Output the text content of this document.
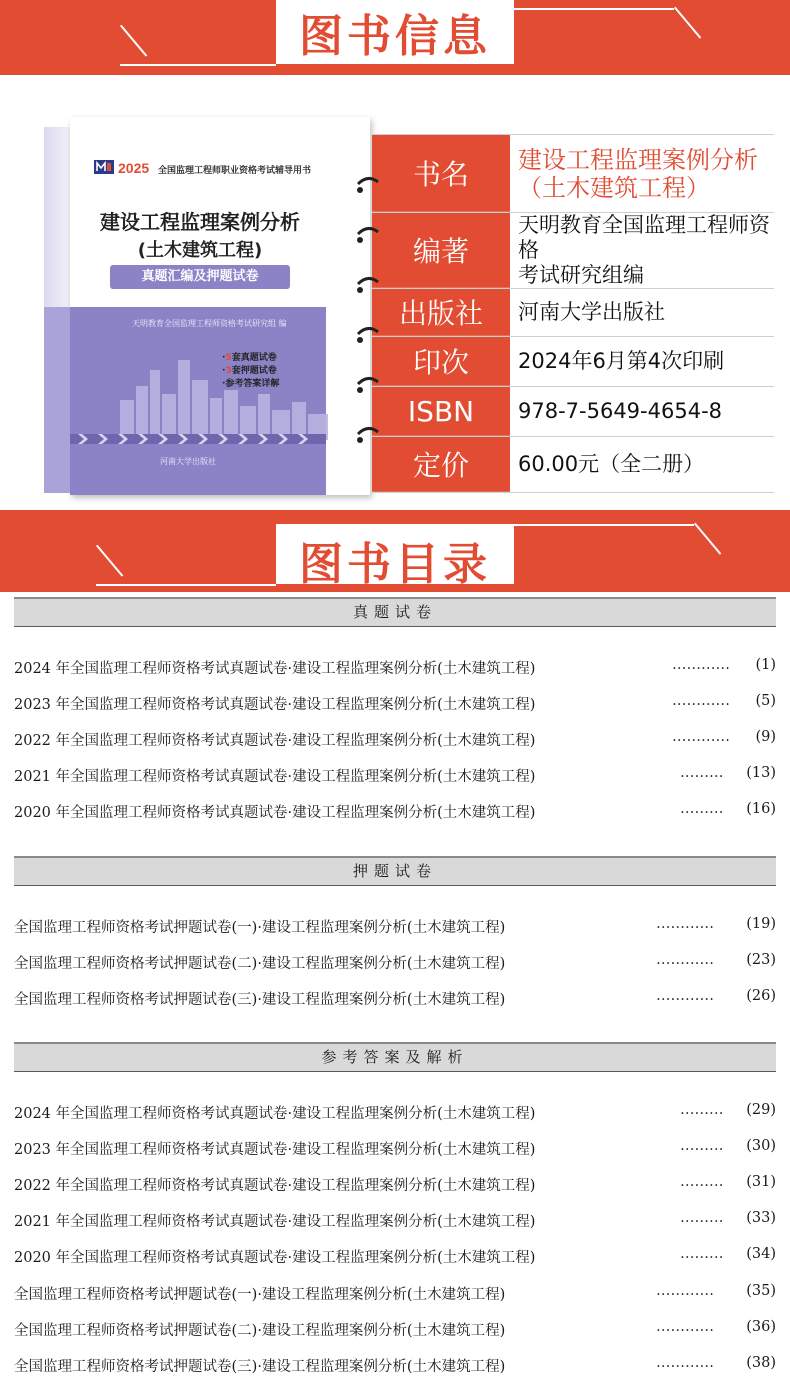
图书信息
2025 全国监理工程师职业资格考试辅导用书
建设工程监理案例分析
(土木建筑工程)
真题汇编及押题试卷
天明教育全国监理工程师资格考试研究组 编
·5套真题试卷
·3套押题试卷
·参考答案详解
河南大学出版社
书名	建设工程监理案例分析
（土木建筑工程）
编著
天明教育全国监理工程师资格
考试研究组编
出版社	河南大学出版社
印次	2024年6月第4次印刷
ISBN	978-7-5649-4654-8
定价	60.00元（全二册）
图书目录
真题试卷
2024 年全国监理工程师资格考试真题试卷·建设工程监理案例分析(土木建筑工程)	………… (1)
2023 年全国监理工程师资格考试真题试卷·建设工程监理案例分析(土木建筑工程)	………… (5)
2022 年全国监理工程师资格考试真题试卷·建设工程监理案例分析(土木建筑工程)	………… (9)
2021 年全国监理工程师资格考试真题试卷·建设工程监理案例分析(土木建筑工程)	……… (13)
2020 年全国监理工程师资格考试真题试卷·建设工程监理案例分析(土木建筑工程)	……… (16)
押题试卷
全国监理工程师资格考试押题试卷(一)·建设工程监理案例分析(土木建筑工程)	………… (19)
全国监理工程师资格考试押题试卷(二)·建设工程监理案例分析(土木建筑工程)	………… (23)
全国监理工程师资格考试押题试卷(三)·建设工程监理案例分析(土木建筑工程)	………… (26)
参考答案及解析
2024 年全国监理工程师资格考试真题试卷·建设工程监理案例分析(土木建筑工程)	……… (29)
2023 年全国监理工程师资格考试真题试卷·建设工程监理案例分析(土木建筑工程)	……… (30)
2022 年全国监理工程师资格考试真题试卷·建设工程监理案例分析(土木建筑工程)	……… (31)
2021 年全国监理工程师资格考试真题试卷·建设工程监理案例分析(土木建筑工程)	……… (33)
2020 年全国监理工程师资格考试真题试卷·建设工程监理案例分析(土木建筑工程)	……… (34)
全国监理工程师资格考试押题试卷(一)·建设工程监理案例分析(土木建筑工程)	………… (35)
全国监理工程师资格考试押题试卷(二)·建设工程监理案例分析(土木建筑工程)	………… (36)
全国监理工程师资格考试押题试卷(三)·建设工程监理案例分析(土木建筑工程)	………… (38)
